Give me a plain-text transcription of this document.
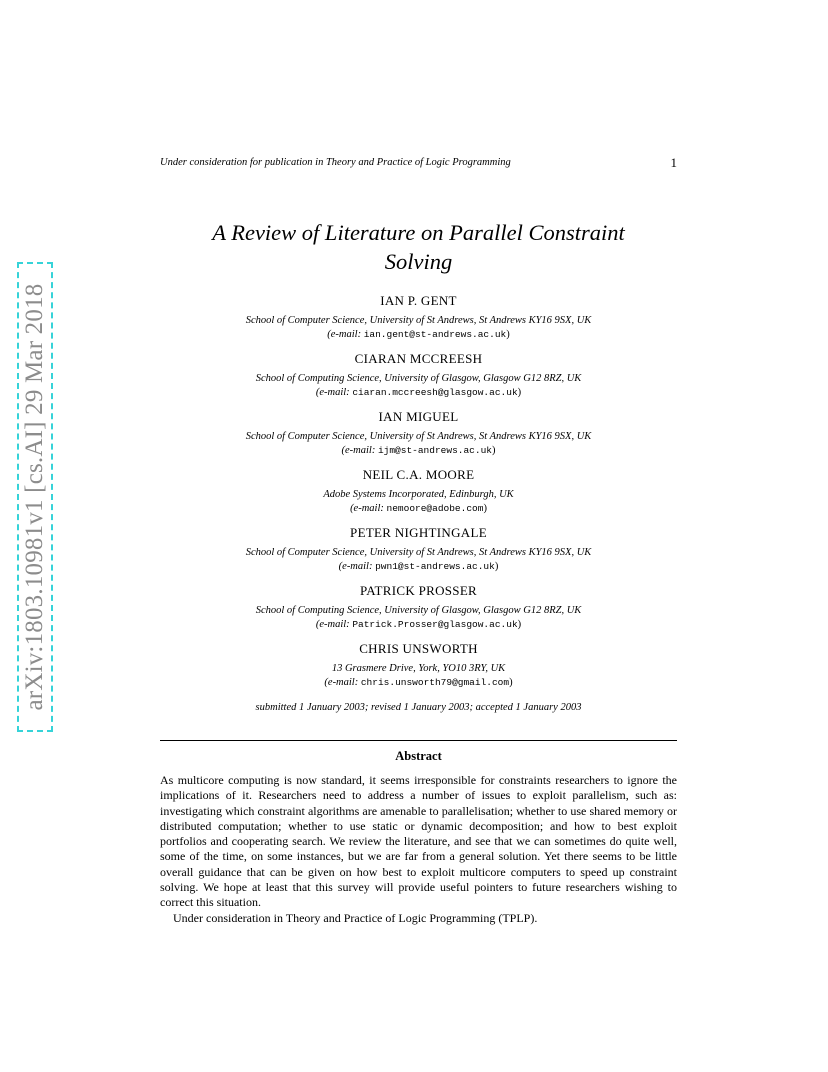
Under consideration for publication in Theory and Practice of Logic Programming	1
arXiv:1803.10981v1 [cs.AI] 29 Mar 2018
A Review of Literature on Parallel Constraint
Solving
IAN P. GENT
School of Computer Science, University of St Andrews, St Andrews KY16 9SX, UK
(e-mail: ian.gent@st-andrews.ac.uk)
CIARAN MCCREESH
School of Computing Science, University of Glasgow, Glasgow G12 8RZ, UK
(e-mail: ciaran.mccreesh@glasgow.ac.uk)
IAN MIGUEL
School of Computer Science, University of St Andrews, St Andrews KY16 9SX, UK
(e-mail: ijm@st-andrews.ac.uk)
NEIL C.A. MOORE
Adobe Systems Incorporated, Edinburgh, UK
(e-mail: nemoore@adobe.com)
PETER NIGHTINGALE
School of Computer Science, University of St Andrews, St Andrews KY16 9SX, UK
(e-mail: pwn1@st-andrews.ac.uk)
PATRICK PROSSER
School of Computing Science, University of Glasgow, Glasgow G12 8RZ, UK
(e-mail: Patrick.Prosser@glasgow.ac.uk)
CHRIS UNSWORTH
13 Grasmere Drive, York, YO10 3RY, UK
(e-mail: chris.unsworth79@gmail.com)
submitted 1 January 2003; revised 1 January 2003; accepted 1 January 2003
Abstract

As multicore computing is now standard, it seems irresponsible for constraints researchers to ignore the implications of it. Researchers need to address a number of issues to exploit parallelism, such as: investigating which constraint algorithms are amenable to parallelisation; whether to use shared memory or distributed computation; whether to use static or dynamic decomposition; and how to best exploit portfolios and cooperating search. We review the literature, and see that we can sometimes do quite well, some of the time, on some instances, but we are far from a general solution. Yet there seems to be little overall guidance that can be given on how best to exploit multicore computers to speed up constraint solving. We hope at least that this survey will provide useful pointers to future researchers wishing to correct this situation.

Under consideration in Theory and Practice of Logic Programming (TPLP).
